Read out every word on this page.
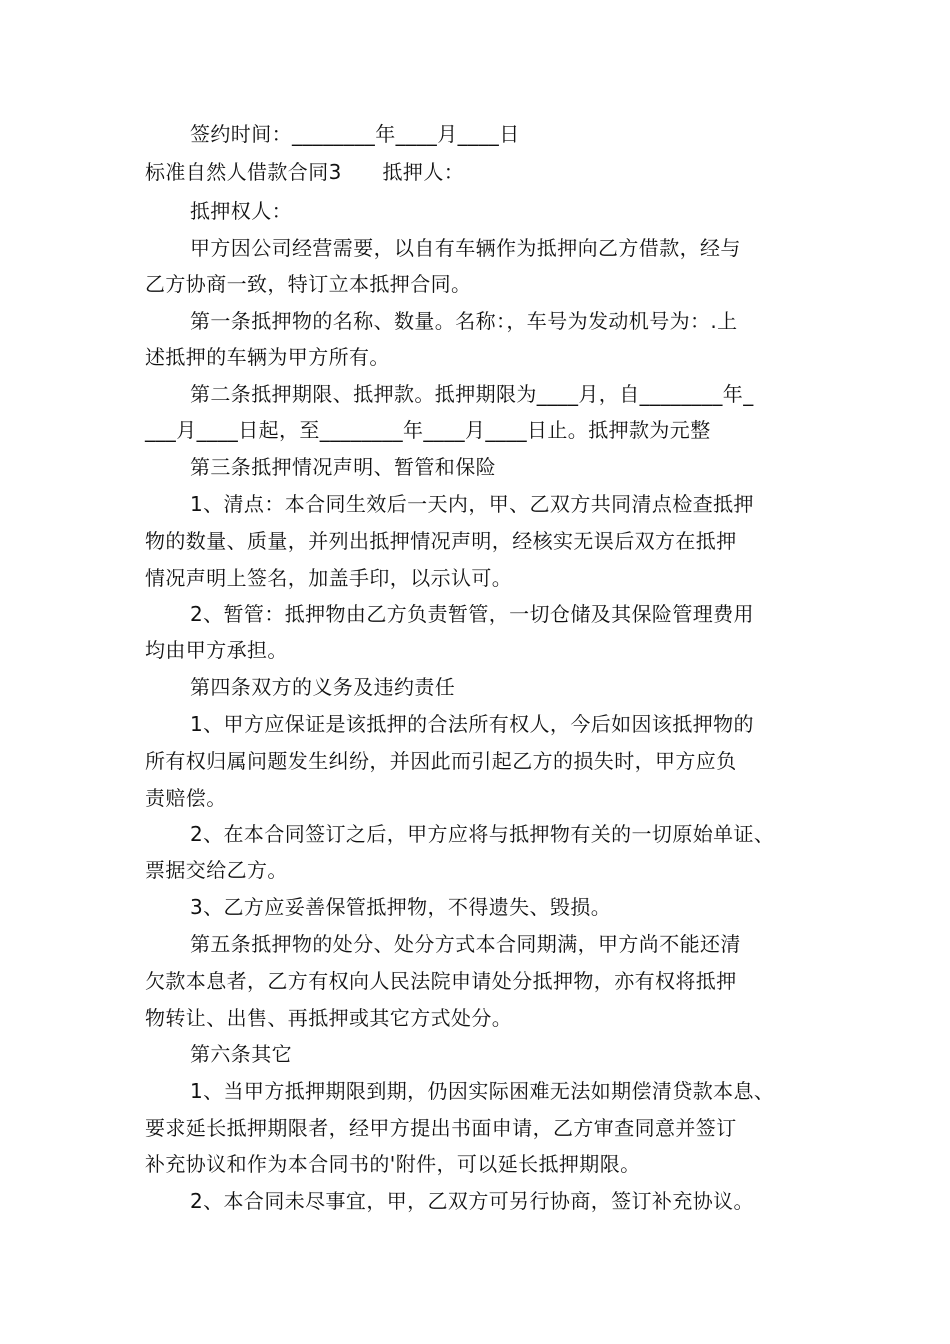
签约时间：________年____月____日
标准自然人借款合同3　　抵押人：
抵押权人：
甲方因公司经营需要，以自有车辆作为抵押向乙方借款，经与
乙方协商一致，特订立本抵押合同。
第一条抵押物的名称、数量。名称：，车号为发动机号为：.上
述抵押的车辆为甲方所有。
第二条抵押期限、抵押款。抵押期限为____月，自________年_
___月____日起，至________年____月____日止。抵押款为元整
第三条抵押情况声明、暂管和保险
1、清点：本合同生效后一天内，甲、乙双方共同清点检查抵押
物的数量、质量，并列出抵押情况声明，经核实无误后双方在抵押
情况声明上签名，加盖手印，以示认可。
2、暂管：抵押物由乙方负责暂管，一切仓储及其保险管理费用
均由甲方承担。
第四条双方的义务及违约责任
1、甲方应保证是该抵押的合法所有权人，今后如因该抵押物的
所有权归属问题发生纠纷，并因此而引起乙方的损失时，甲方应负
责赔偿。
2、在本合同签订之后，甲方应将与抵押物有关的一切原始单证、
票据交给乙方。
3、乙方应妥善保管抵押物，不得遗失、毁损。
第五条抵押物的处分、处分方式本合同期满，甲方尚不能还清
欠款本息者，乙方有权向人民法院申请处分抵押物，亦有权将抵押
物转让、出售、再抵押或其它方式处分。
第六条其它
1、当甲方抵押期限到期，仍因实际困难无法如期偿清贷款本息、
要求延长抵押期限者，经甲方提出书面申请，乙方审查同意并签订
补充协议和作为本合同书的'附件，可以延长抵押期限。
2、本合同未尽事宜，甲，乙双方可另行协商，签订补充协议。
